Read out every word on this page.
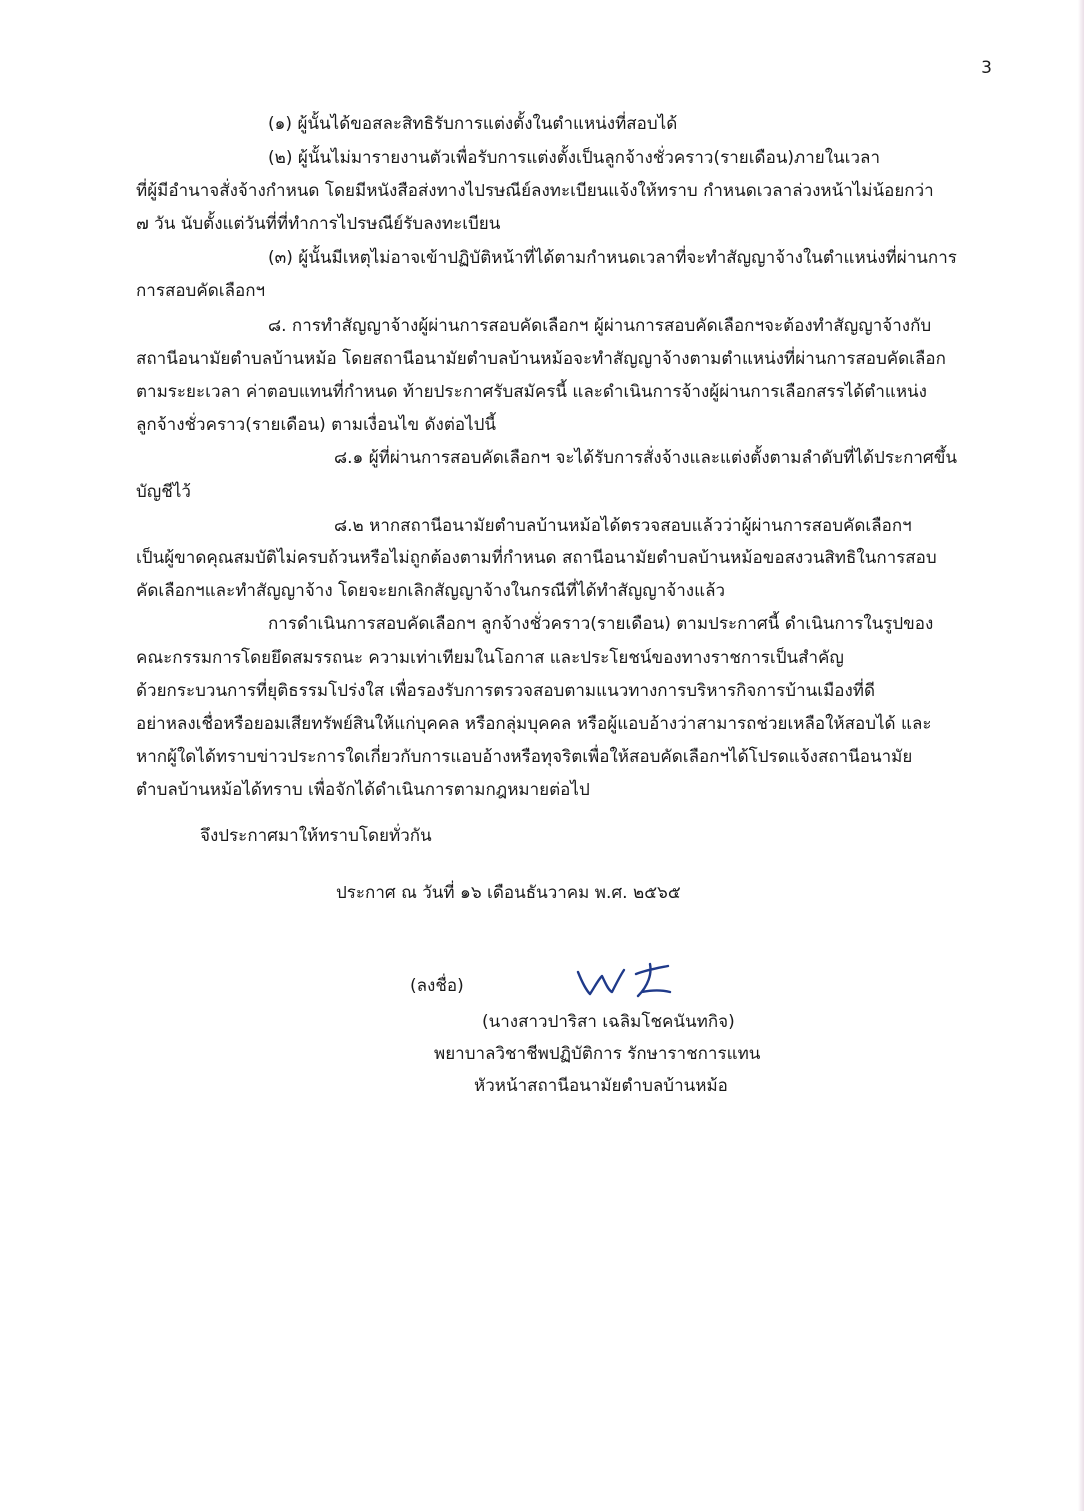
3
(๑) ผู้นั้นได้ขอสละสิทธิรับการแต่งตั้งในตำแหน่งที่สอบได้
(๒) ผู้นั้นไม่มารายงานตัวเพื่อรับการแต่งตั้งเป็นลูกจ้างชั่วคราว(รายเดือน)ภายในเวลา
ที่ผู้มีอำนาจสั่งจ้างกำหนด โดยมีหนังสือส่งทางไปรษณีย์ลงทะเบียนแจ้งให้ทราบ กำหนดเวลาล่วงหน้าไม่น้อยกว่า
๗ วัน นับตั้งแต่วันที่ที่ทำการไปรษณีย์รับลงทะเบียน
(๓) ผู้นั้นมีเหตุไม่อาจเข้าปฏิบัติหน้าที่ได้ตามกำหนดเวลาที่จะทำสัญญาจ้างในตำแหน่งที่ผ่านการ
การสอบคัดเลือกฯ
๘. การทำสัญญาจ้างผู้ผ่านการสอบคัดเลือกฯ ผู้ผ่านการสอบคัดเลือกฯจะต้องทำสัญญาจ้างกับ
สถานีอนามัยตำบลบ้านหม้อ โดยสถานีอนามัยตำบลบ้านหม้อจะทำสัญญาจ้างตามตำแหน่งที่ผ่านการสอบคัดเลือก
ตามระยะเวลา ค่าตอบแทนที่กำหนด ท้ายประกาศรับสมัครนี้ และดำเนินการจ้างผู้ผ่านการเลือกสรรได้ตำแหน่ง
ลูกจ้างชั่วคราว(รายเดือน) ตามเงื่อนไข ดังต่อไปนี้
๘.๑ ผู้ที่ผ่านการสอบคัดเลือกฯ จะได้รับการสั่งจ้างและแต่งตั้งตามลำดับที่ได้ประกาศขึ้น
บัญชีไว้
๘.๒ หากสถานีอนามัยตำบลบ้านหม้อได้ตรวจสอบแล้วว่าผู้ผ่านการสอบคัดเลือกฯ
เป็นผู้ขาดคุณสมบัติไม่ครบถ้วนหรือไม่ถูกต้องตามที่กำหนด สถานีอนามัยตำบลบ้านหม้อขอสงวนสิทธิในการสอบ
คัดเลือกฯและทำสัญญาจ้าง โดยจะยกเลิกสัญญาจ้างในกรณีที่ได้ทำสัญญาจ้างแล้ว
การดำเนินการสอบคัดเลือกฯ ลูกจ้างชั่วคราว(รายเดือน) ตามประกาศนี้ ดำเนินการในรูปของ
คณะกรรมการโดยยึดสมรรถนะ ความเท่าเทียมในโอกาส และประโยชน์ของทางราชการเป็นสำคัญ
ด้วยกระบวนการที่ยุติธรรมโปร่งใส เพื่อรองรับการตรวจสอบตามแนวทางการบริหารกิจการบ้านเมืองที่ดี
อย่าหลงเชื่อหรือยอมเสียทรัพย์สินให้แก่บุคคล หรือกลุ่มบุคคล หรือผู้แอบอ้างว่าสามารถช่วยเหลือให้สอบได้ และ
หากผู้ใดได้ทราบข่าวประการใดเกี่ยวกับการแอบอ้างหรือทุจริตเพื่อให้สอบคัดเลือกฯได้โปรดแจ้งสถานีอนามัย
ตำบลบ้านหม้อได้ทราบ เพื่อจักได้ดำเนินการตามกฎหมายต่อไป
จึงประกาศมาให้ทราบโดยทั่วกัน
ประกาศ ณ วันที่ ๑๖ เดือนธันวาคม พ.ศ. ๒๕๖๕
(ลงชื่อ)
(นางสาวปาริสา เฉลิมโชคนันทกิจ)
พยาบาลวิชาชีพปฏิบัติการ รักษาราชการแทน
หัวหน้าสถานีอนามัยตำบลบ้านหม้อ
